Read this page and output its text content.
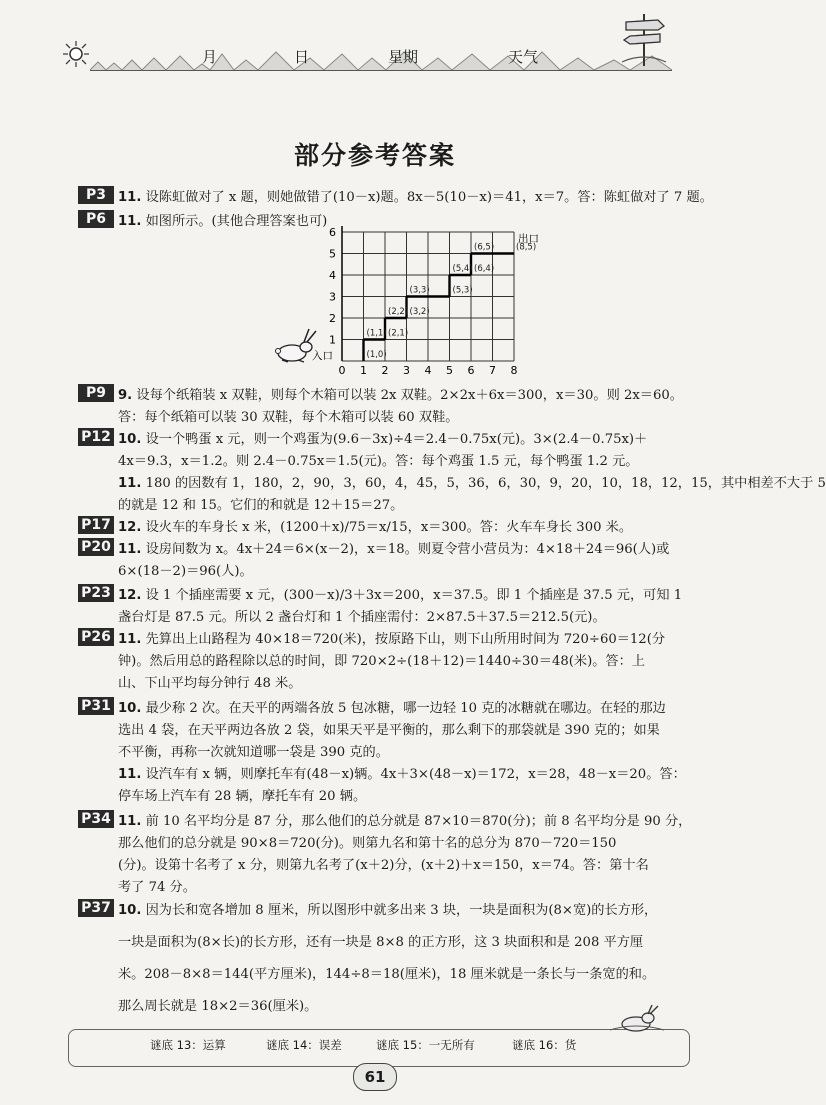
月	日	星期	天气
部分参考答案
P3 11. 设陈虹做对了 x 题，则她做错了(10－x)题。8x－5(10－x)＝41，x＝7。答：陈虹做对了 7 题。
P6 11. 如图所示。(其他合理答案也可)
P9 9. 设每个纸箱装 x 双鞋，则每个木箱可以装 2x 双鞋。2×2x＋6x＝300，x＝30。则 2x＝60。
答：每个纸箱可以装 30 双鞋，每个木箱可以装 60 双鞋。
P12 10. 设一个鸭蛋 x 元，则一个鸡蛋为(9.6－3x)÷4＝2.4－0.75x(元)。3×(2.4－0.75x)＋
4x＝9.3，x＝1.2。则 2.4－0.75x＝1.5(元)。答：每个鸡蛋 1.5 元，每个鸭蛋 1.2 元。
11. 180 的因数有 1，180，2，90，3，60，4，45，5，36，6，30，9，20，10，18，12，15，其中相差不大于 5
的就是 12 和 15。它们的和就是 12＋15＝27。
P17 12. 设火车的车身长 x 米，(1200＋x)/75＝x/15，x＝300。答：火车车身长 300 米。
P20 11. 设房间数为 x。4x＋24＝6×(x－2)，x＝18。则夏令营小营员为：4×18＋24＝96(人)或
6×(18－2)＝96(人)。
P23 12. 设 1 个插座需要 x 元，(300－x)/3＋3x＝200，x＝37.5。即 1 个插座是 37.5 元，可知 1
盏台灯是 87.5 元。所以 2 盏台灯和 1 个插座需付：2×87.5＋37.5＝212.5(元)。
P26 11. 先算出上山路程为 40×18＝720(米)，按原路下山，则下山所用时间为 720÷60＝12(分
钟)。然后用总的路程除以总的时间，即 720×2÷(18＋12)＝1440÷30＝48(米)。答：上
山、下山平均每分钟行 48 米。
P31 10. 最少称 2 次。在天平的两端各放 5 包冰糖，哪一边轻 10 克的冰糖就在哪边。在轻的那边
选出 4 袋，在天平两边各放 2 袋，如果天平是平衡的，那么剩下的那袋就是 390 克的；如果
不平衡，再称一次就知道哪一袋是 390 克的。
11. 设汽车有 x 辆，则摩托车有(48－x)辆。4x＋3×(48－x)＝172，x＝28，48－x＝20。答：
停车场上汽车有 28 辆，摩托车有 20 辆。
P34 11. 前 10 名平均分是 87 分，那么他们的总分就是 87×10＝870(分)；前 8 名平均分是 90 分，
那么他们的总分就是 90×8＝720(分)。则第九名和第十名的总分为 870－720＝150
(分)。设第十名考了 x 分，则第九名考了(x＋2)分，(x＋2)＋x＝150，x＝74。答：第十名
考了 74 分。
P37 10. 因为长和宽各增加 8 厘米，所以图形中就多出来 3 块，一块是面积为(8×宽)的长方形，
一块是面积为(8×长)的长方形，还有一块是 8×8 的正方形，这 3 块面积和是 208 平方厘
米。208－8×8＝144(平方厘米)，144÷8＝18(厘米)，18 厘米就是一条长与一条宽的和。
那么周长就是 18×2＝36(厘米)。
0 1 2 3 4 5 6 7 8
1
2
3
4
5
6
(1,0)
(1,1) (2,1)
(2,2) (3,2)
(3,3)	(5,3)
(5,4) (6,4)
(6,5)	(8,5)
出口
入口
谜底 13：运算	谜底 14：误差	谜底 15：一无所有	谜底 16：货
61
